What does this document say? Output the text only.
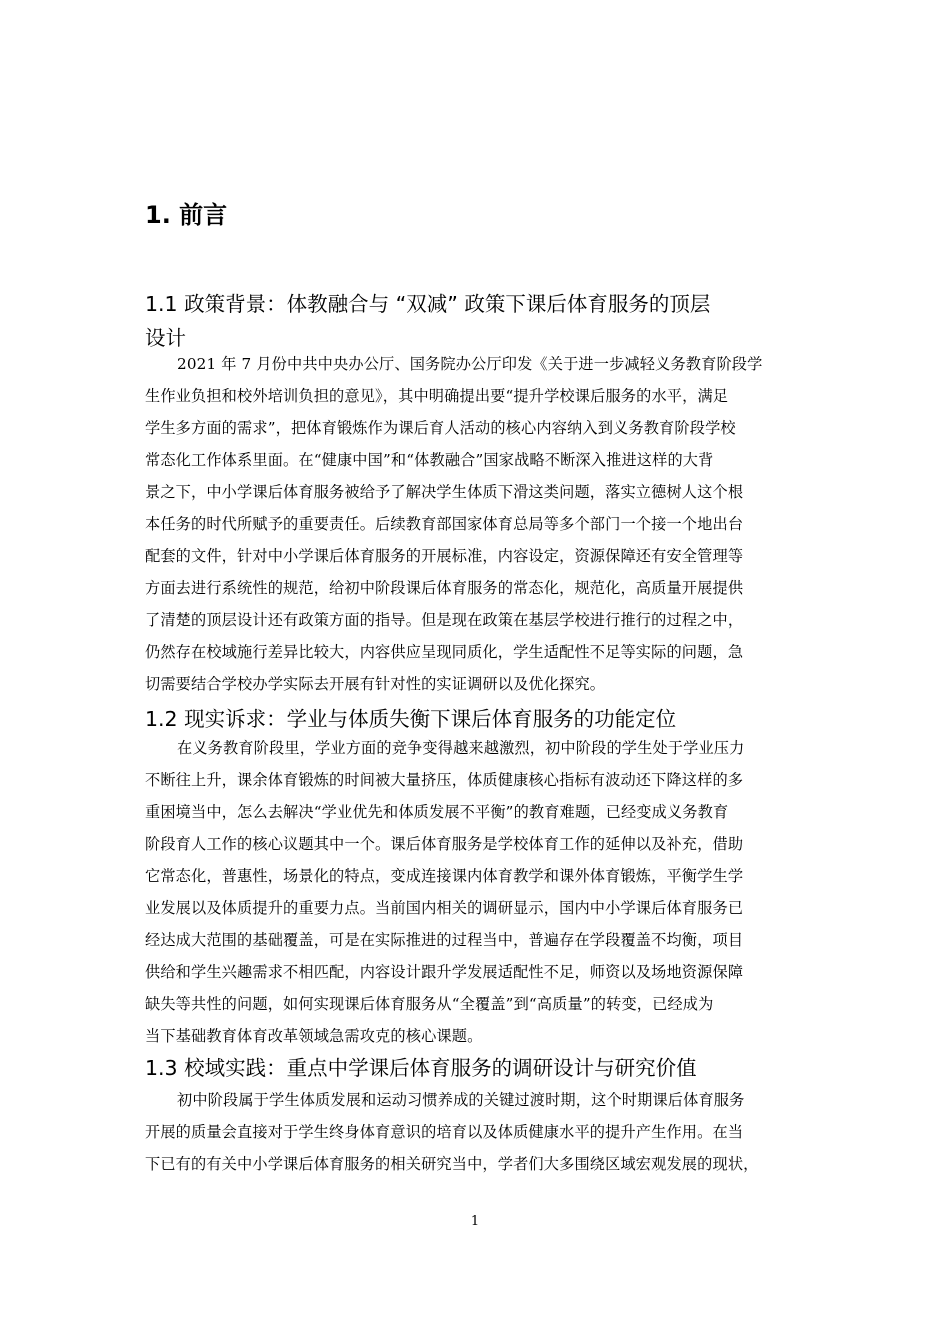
1. 前言
1.1 政策背景：体教融合与 “双减” 政策下课后体育服务的顶层
设计
2021 年 7 月份中共中央办公厅、国务院办公厅印发《关于进一步减轻义务教育阶段学
生作业负担和校外培训负担的意见》，其中明确提出要“提升学校课后服务的水平，满足
学生多方面的需求”，把体育锻炼作为课后育人活动的核心内容纳入到义务教育阶段学校
常态化工作体系里面。在“健康中国”和“体教融合”国家战略不断深入推进这样的大背
景之下，中小学课后体育服务被给予了解决学生体质下滑这类问题，落实立德树人这个根
本任务的时代所赋予的重要责任。后续教育部国家体育总局等多个部门一个接一个地出台
配套的文件，针对中小学课后体育服务的开展标准，内容设定，资源保障还有安全管理等
方面去进行系统性的规范，给初中阶段课后体育服务的常态化，规范化，高质量开展提供
了清楚的顶层设计还有政策方面的指导。但是现在政策在基层学校进行推行的过程之中，
仍然存在校域施行差异比较大，内容供应呈现同质化，学生适配性不足等实际的问题，急
切需要结合学校办学实际去开展有针对性的实证调研以及优化探究。
1.2 现实诉求：学业与体质失衡下课后体育服务的功能定位
在义务教育阶段里，学业方面的竞争变得越来越激烈，初中阶段的学生处于学业压力
不断往上升，课余体育锻炼的时间被大量挤压，体质健康核心指标有波动还下降这样的多
重困境当中，怎么去解决“学业优先和体质发展不平衡”的教育难题，已经变成义务教育
阶段育人工作的核心议题其中一个。课后体育服务是学校体育工作的延伸以及补充，借助
它常态化，普惠性，场景化的特点，变成连接课内体育教学和课外体育锻炼，平衡学生学
业发展以及体质提升的重要力点。当前国内相关的调研显示，国内中小学课后体育服务已
经达成大范围的基础覆盖，可是在实际推进的过程当中，普遍存在学段覆盖不均衡，项目
供给和学生兴趣需求不相匹配，内容设计跟升学发展适配性不足，师资以及场地资源保障
缺失等共性的问题，如何实现课后体育服务从“全覆盖”到“高质量”的转变，已经成为
当下基础教育体育改革领域急需攻克的核心课题。
1.3 校域实践：重点中学课后体育服务的调研设计与研究价值
初中阶段属于学生体质发展和运动习惯养成的关键过渡时期，这个时期课后体育服务
开展的质量会直接对于学生终身体育意识的培育以及体质健康水平的提升产生作用。在当
下已有的有关中小学课后体育服务的相关研究当中，学者们大多围绕区域宏观发展的现状，
1
